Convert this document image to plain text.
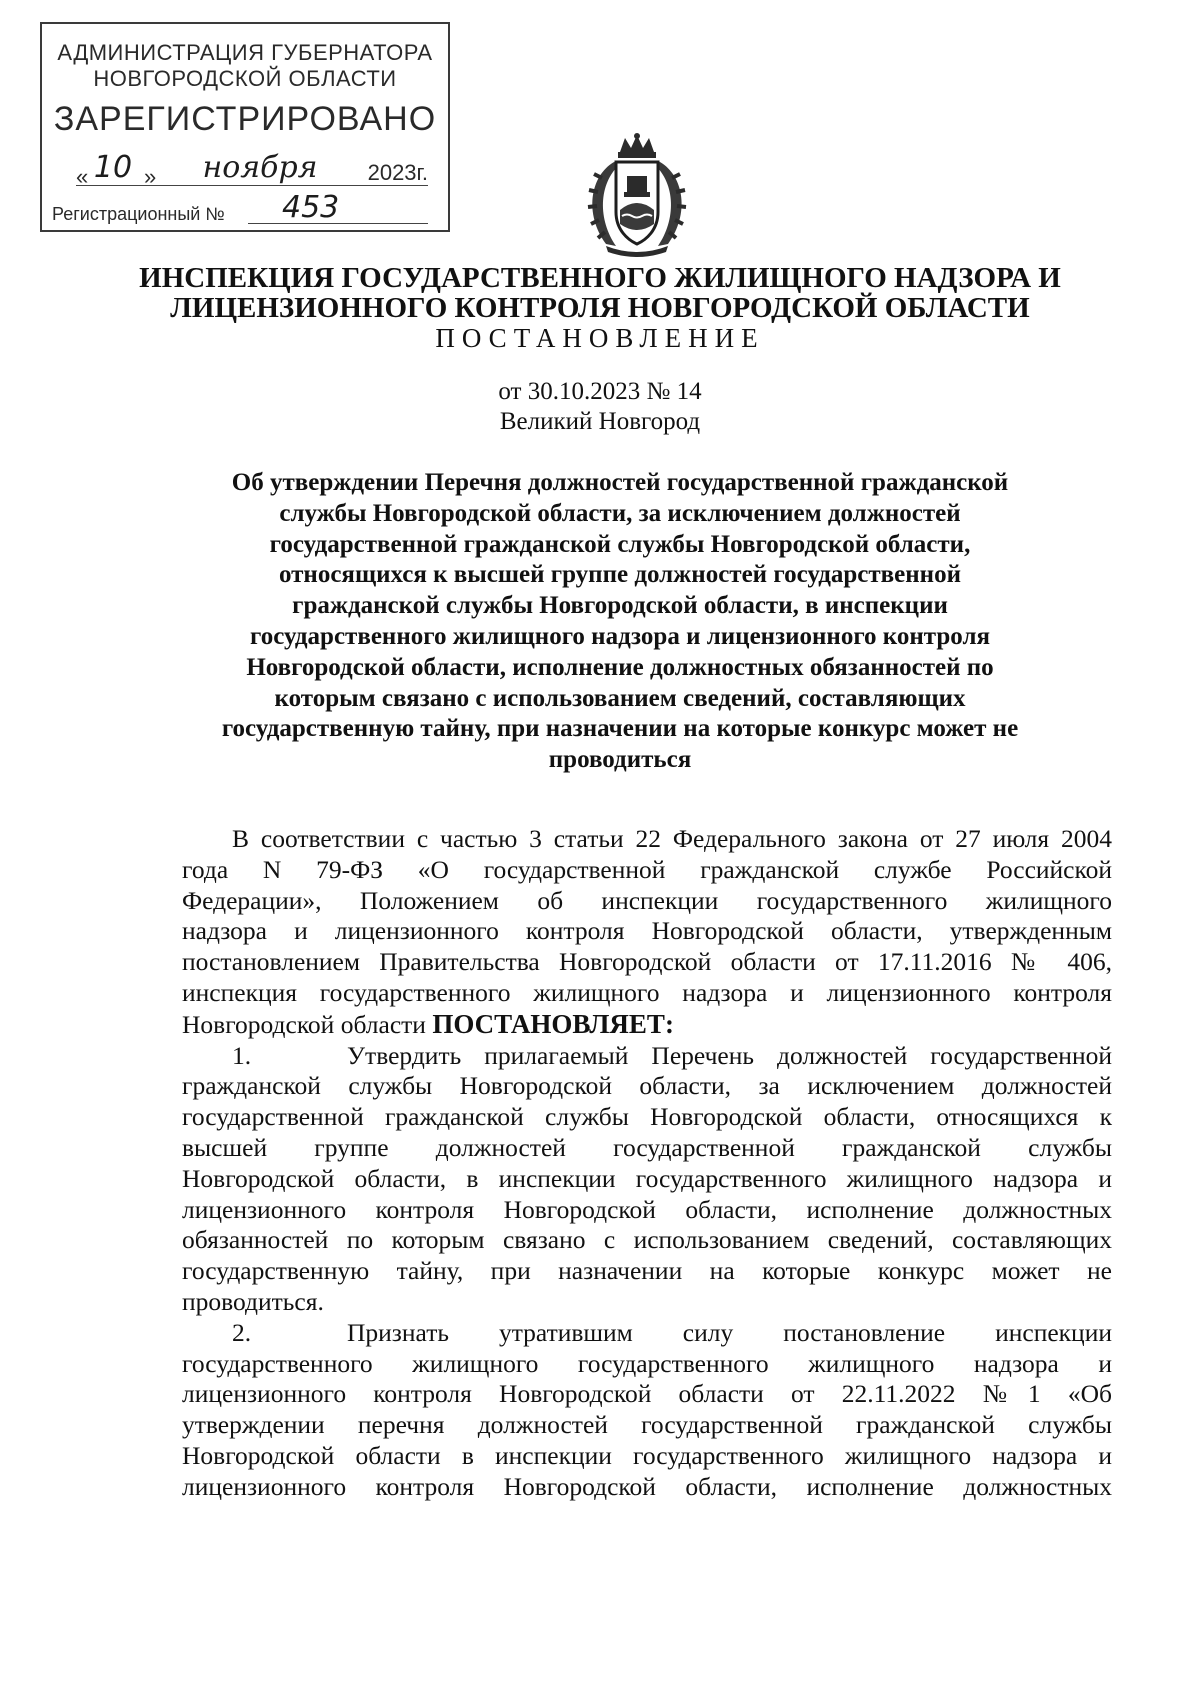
АДМИНИСТРАЦИЯ ГУБЕРНАТОРА
НОВГОРОДСКОЙ ОБЛАСТИ
ЗАРЕГИСТРИРОВАНО
« 10 »	ноября	2023г.
Регистрационный № 453
ИНСПЕКЦИЯ ГОСУДАРСТВЕННОГО ЖИЛИЩНОГО НАДЗОРА И
ЛИЦЕНЗИОННОГО КОНТРОЛЯ НОВГОРОДСКОЙ ОБЛАСТИ
ПОСТАНОВЛЕНИЕ
от 30.10.2023 № 14
Великий Новгород
Об утверждении Перечня должностей государственной гражданской
службы Новгородской области, за исключением должностей
государственной гражданской службы Новгородской области,
относящихся к высшей группе должностей государственной
гражданской службы Новгородской области, в инспекции
государственного жилищного надзора и лицензионного контроля
Новгородской области, исполнение должностных обязанностей по
которым связано с использованием сведений, составляющих
государственную тайну, при назначении на которые конкурс может не
проводиться

В соответствии с частью 3 статьи 22 Федерального закона от 27 июля 2004

года N 79-ФЗ «О государственной гражданской службе Российской

Федерации», Положением об инспекции государственного жилищного

надзора и лицензионного контроля Новгородской области, утвержденным

постановлением Правительства Новгородской области от 17.11.2016 № 406,

инспекция государственного жилищного надзора и лицензионного контроля

Новгородской области ПОСТАНОВЛЯЕТ:

1.	Утвердить прилагаемый Перечень должностей государственной

гражданской службы Новгородской области, за исключением должностей

государственной гражданской службы Новгородской области, относящихся к

высшей группе должностей государственной гражданской службы

Новгородской области, в инспекции государственного жилищного надзора и

лицензионного контроля Новгородской области, исполнение должностных

обязанностей по которым связано с использованием сведений, составляющих

государственную тайну, при назначении на которые конкурс может не

проводиться.

2.	Признать утратившим силу постановление инспекции

государственного жилищного государственного жилищного надзора и

лицензионного контроля Новгородской области от 22.11.2022 №1 «Об

утверждении перечня должностей государственной гражданской службы

Новгородской области в инспекции государственного жилищного надзора и

лицензионного контроля Новгородской области, исполнение должностных
